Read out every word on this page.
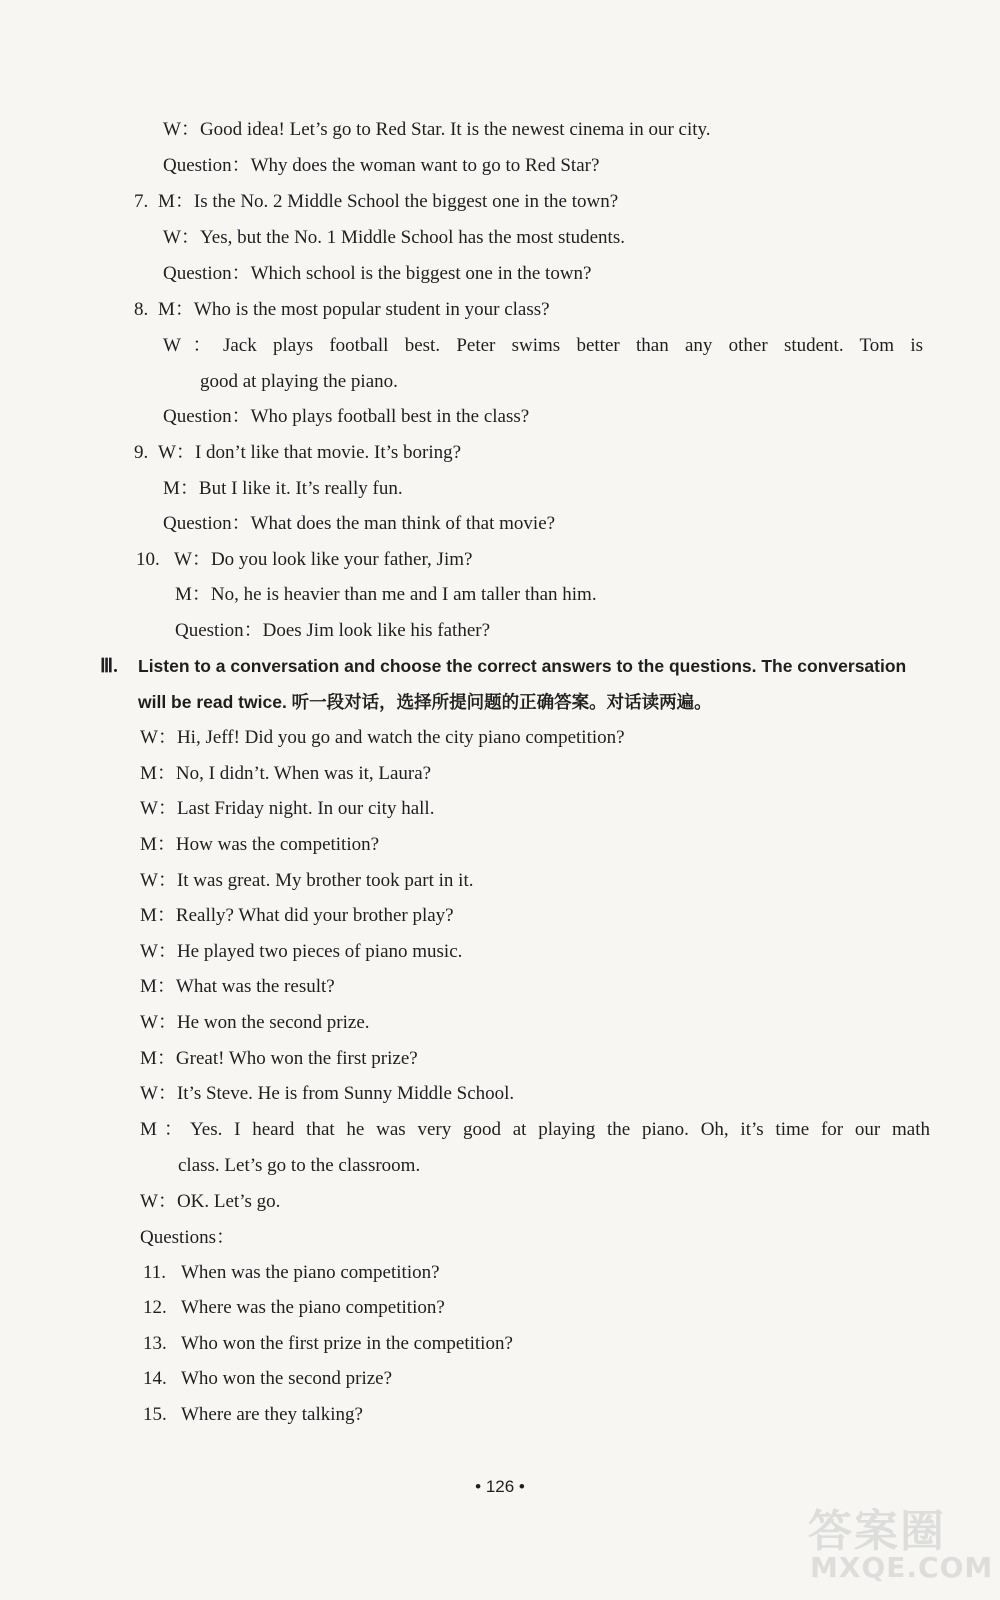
W：Good idea! Let’s go to Red Star. It is the newest cinema in our city.
Question：Why does the woman want to go to Red Star?
7. M：Is the No. 2 Middle School the biggest one in the town?
W：Yes, but the No. 1 Middle School has the most students.
Question：Which school is the biggest one in the town?
8. M：Who is the most popular student in your class?
W：Jack plays football best. Peter swims better than any other student. Tom is
good at playing the piano.
Question：Who plays football best in the class?
9. W：I don’t like that movie. It’s boring?
M：But I like it. It’s really fun.
Question：What does the man think of that movie?
10. W：Do you look like your father, Jim?
M：No, he is heavier than me and I am taller than him.
Question：Does Jim look like his father?
Ⅲ. Listen to a conversation and choose the correct answers to the questions. The conversation
will be read twice. 听一段对话，选择所提问题的正确答案。对话读两遍。
W：Hi, Jeff! Did you go and watch the city piano competition?
M：No, I didn’t. When was it, Laura?
W：Last Friday night. In our city hall.
M：How was the competition?
W：It was great. My brother took part in it.
M：Really? What did your brother play?
W：He played two pieces of piano music.
M：What was the result?
W：He won the second prize.
M：Great! Who won the first prize?
W：It’s Steve. He is from Sunny Middle School.
M：Yes. I heard that he was very good at playing the piano. Oh, it’s time for our math
class. Let’s go to the classroom.
W：OK. Let’s go.
Questions：
11. When was the piano competition?
12. Where was the piano competition?
13. Who won the first prize in the competition?
14. Who won the second prize?
15. Where are they talking?
• 126 •
答案圈
MXQE.COM
